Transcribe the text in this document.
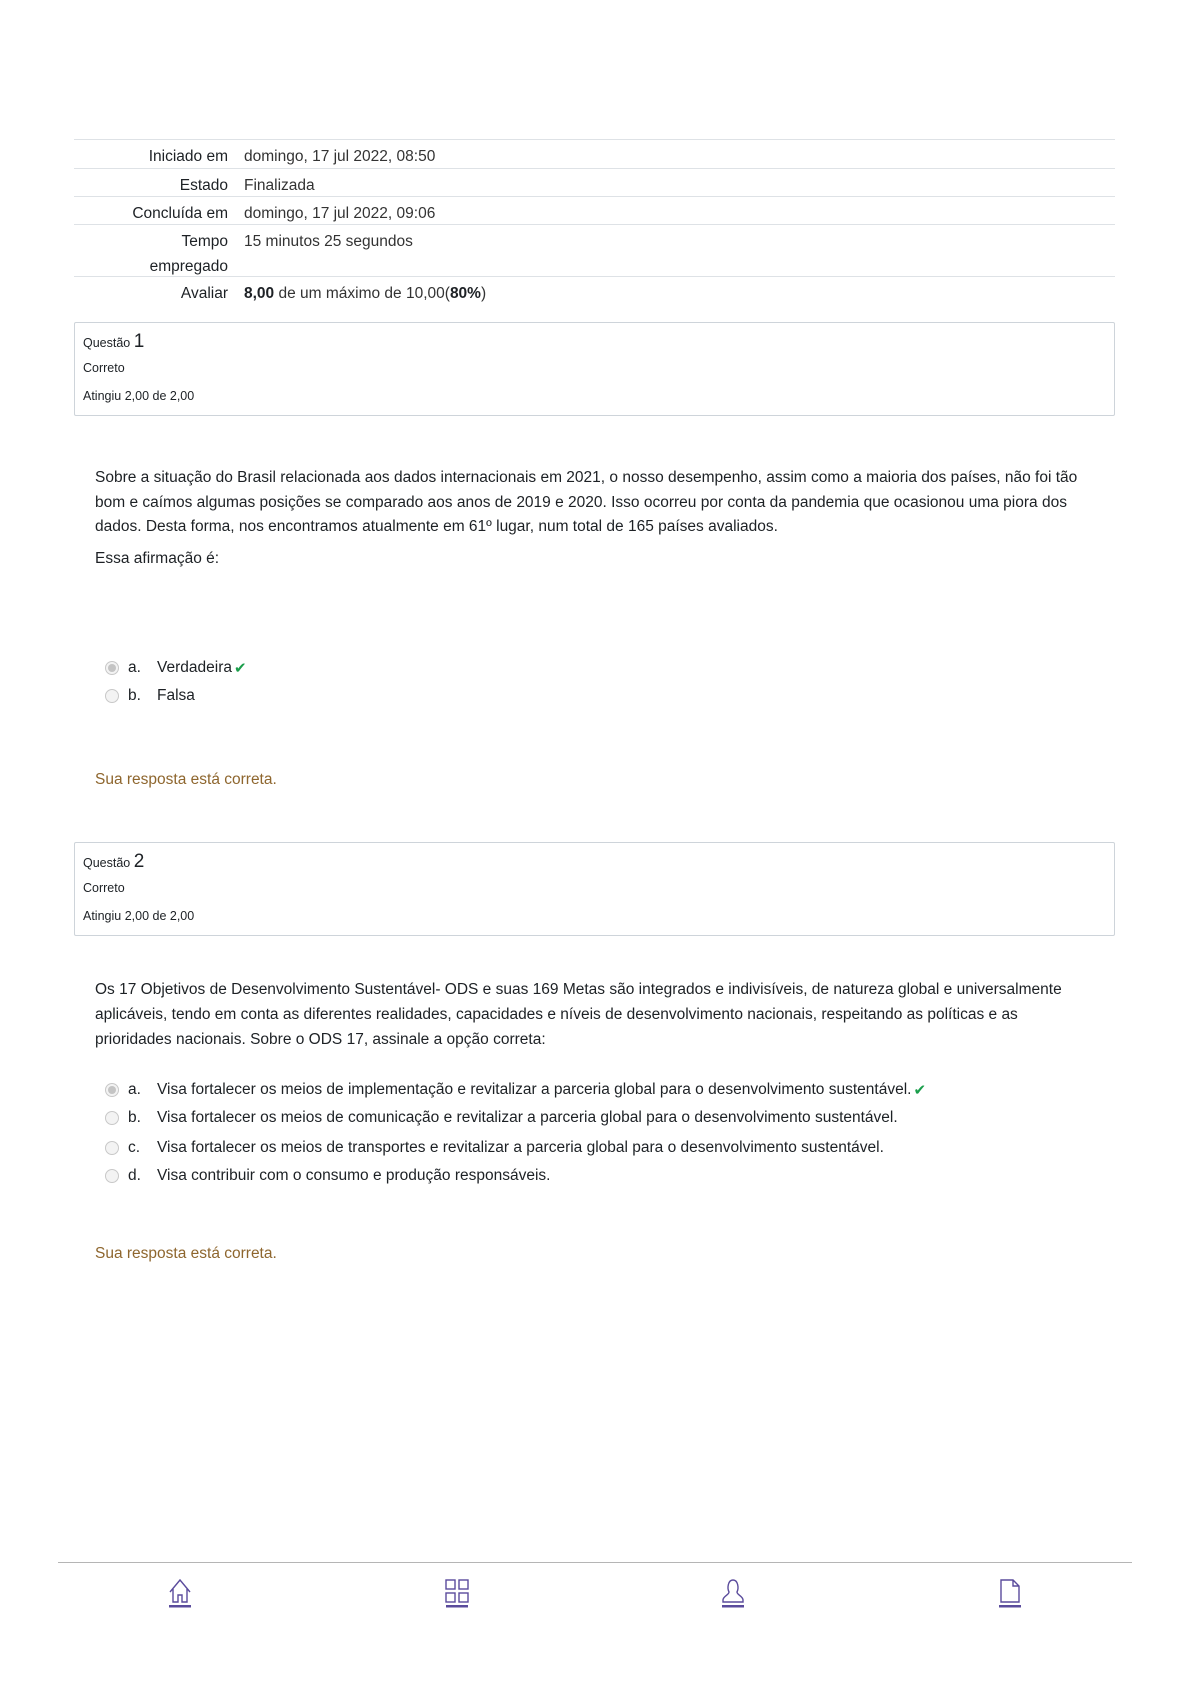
Iniciado em domingo, 17 jul 2022, 08:50
Estado Finalizada
Concluída em domingo, 17 jul 2022, 09:06
Tempo empregado
15 minutos 25 segundos
Avaliar 8,00 de um máximo de 10,00(80%)
Questão 1
Correto
Atingiu 2,00 de 2,00
Sobre a situação do Brasil relacionada aos dados internacionais em 2021, o nosso desempenho, assim como a maioria dos países, não foi tão bom e caímos algumas posições se comparado aos anos de 2019 e 2020. Isso ocorreu por conta da pandemia que ocasionou uma piora dos dados. Desta forma, nos encontramos atualmente em 61º lugar, num total de 165 países avaliados.
Essa afirmação é:
a.	Verdadeira ✔
b.	Falsa
Sua resposta está correta.
Questão 2
Correto
Atingiu 2,00 de 2,00
Os 17 Objetivos de Desenvolvimento Sustentável- ODS e suas 169 Metas são integrados e indivisíveis, de natureza global e universalmente aplicáveis, tendo em conta as diferentes realidades, capacidades e níveis de desenvolvimento nacionais, respeitando as políticas e as prioridades nacionais. Sobre o ODS 17, assinale a opção correta:
a.	Visa fortalecer os meios de implementação e revitalizar a parceria global para o desenvolvimento sustentável. ✔
b.	Visa fortalecer os meios de comunicação e revitalizar a parceria global para o desenvolvimento sustentável.
c.	Visa fortalecer os meios de transportes e revitalizar a parceria global para o desenvolvimento sustentável.
d.	Visa contribuir com o consumo e produção responsáveis.
Sua resposta está correta.
